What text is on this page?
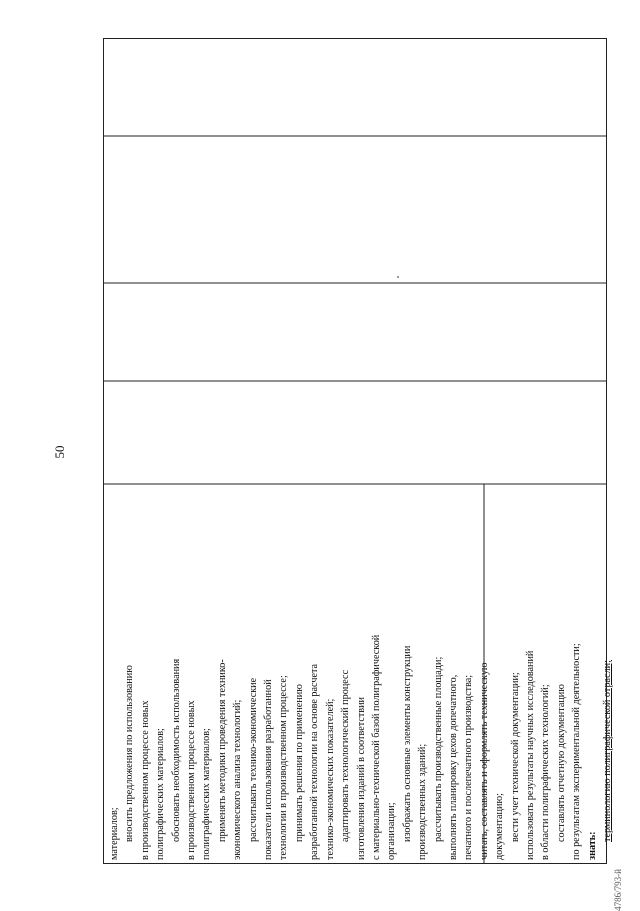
50
материалов; вносить предложения по использованию в производственном процессе новых полиграфических материалов; обосновать необходимость использования в производственном процессе новых полиграфических материалов; применять методики проведения технико- экономического анализа технологий; рассчитывать технико-экономические показатели использования разработанной технологии в производственном процессе; принимать решения по применению разработанной технологии на основе расчета технико-экономических показателей; адаптировать технологический процесс изготовления изданий в соответствии с материально-технической базой полиграфической организации; изображать основные элементы конструкции производственных зданий; рассчитывать производственные площади; выполнять планировку цехов допечатного, печатного и послепечатного производства; читать, составлять и оформлять техническую документацию; вести учет технической документации; использовать результаты научных исследований в области полиграфических технологий; составлять отчетную документацию по результатам экспериментальной деятельности; знать:
терминологию полиграфической отрасли;
4786/793-й
